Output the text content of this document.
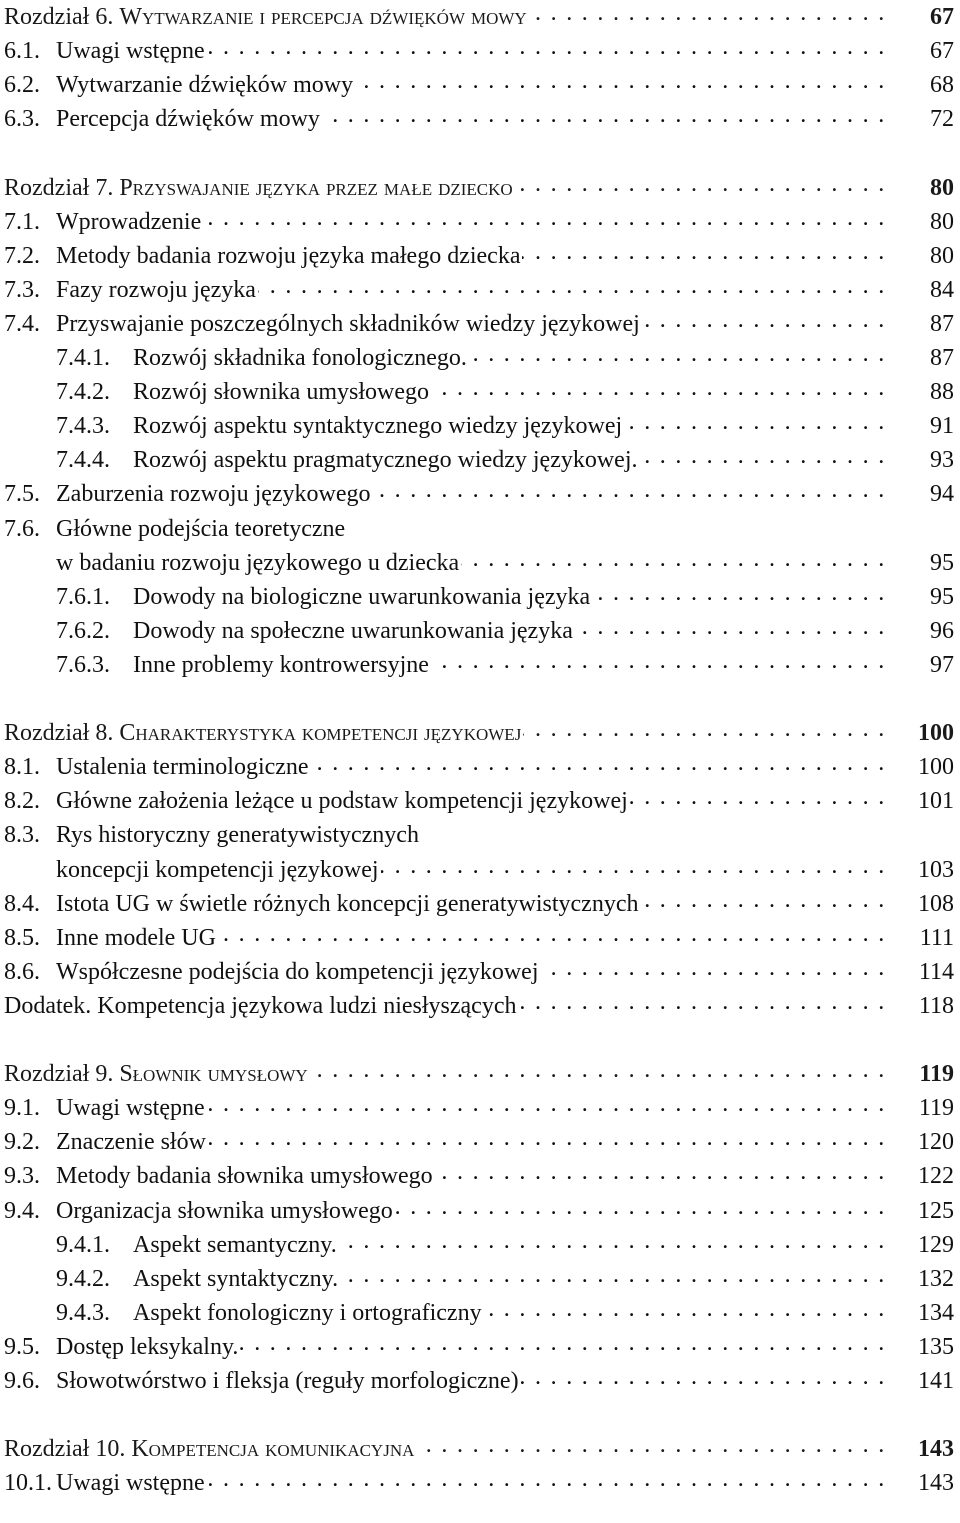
. . .
Rozdział 6. Wytwarzanie i percepcja dźwięków mowy	67
. . .
6.1. Uwagi wstępne	67
. . .
6.2. Wytwarzanie dźwięków mowy	68
. . .
6.3. Percepcja dźwięków mowy	72
. . .
Rozdział 7. Przyswajanie języka przez małe dziecko	80
. . .
7.1. Wprowadzenie	80
. . .
7.2. Metody badania rozwoju języka małego dziecka	80
. . .
7.3. Fazy rozwoju języka	84
. . .
7.4. Przyswajanie poszczególnych składników wiedzy językowej	87
. . .
7.4.1. Rozwój składnika fonologicznego.	87
. . .
7.4.2. Rozwój słownika umysłowego	88
. . .
7.4.3. Rozwój aspektu syntaktycznego wiedzy językowej	91
. . .
7.4.4. Rozwój aspektu pragmatycznego wiedzy językowej.	93
. . .
7.5. Zaburzenia rozwoju językowego	94
7.6. Główne podejścia teoretyczne
. . .
w badaniu rozwoju językowego u dziecka	95
. . .
7.6.1. Dowody na biologiczne uwarunkowania języka	95
. . .
7.6.2. Dowody na społeczne uwarunkowania języka	96
. . .
7.6.3. Inne problemy kontrowersyjne	97
. . .
Rozdział 8. Charakterystyka kompetencji językowej	100
. . .
8.1. Ustalenia terminologiczne	100
. . .
8.2. Główne założenia leżące u podstaw kompetencji językowej	101
8.3. Rys historyczny generatywistycznych
. . .
koncepcji kompetencji językowej	103
. . .
8.4. Istota UG w świetle różnych koncepcji generatywistycznych	108
. . .
8.5. Inne modele UG	111
. . .
8.6. Współczesne podejścia do kompetencji językowej	114
. . .
Dodatek. Kompetencja językowa ludzi niesłyszących	118
. . .
Rozdział 9. Słownik umysłowy	119
. . .
9.1. Uwagi wstępne	119
. . .
9.2. Znaczenie słów	120
. . .
9.3. Metody badania słownika umysłowego	122
. . .
9.4. Organizacja słownika umysłowego	125
. . .
9.4.1. Aspekt semantyczny.	129
. . .
9.4.2. Aspekt syntaktyczny.	132
. . .
9.4.3. Aspekt fonologiczny i ortograficzny	134
. . .
9.5. Dostęp leksykalny.	135
. . .
9.6. Słowotwórstwo i fleksja (reguły morfologiczne)	141
. . .
Rozdział 10. Kompetencja komunikacyjna	143
. . .
10.1. Uwagi wstępne	143
